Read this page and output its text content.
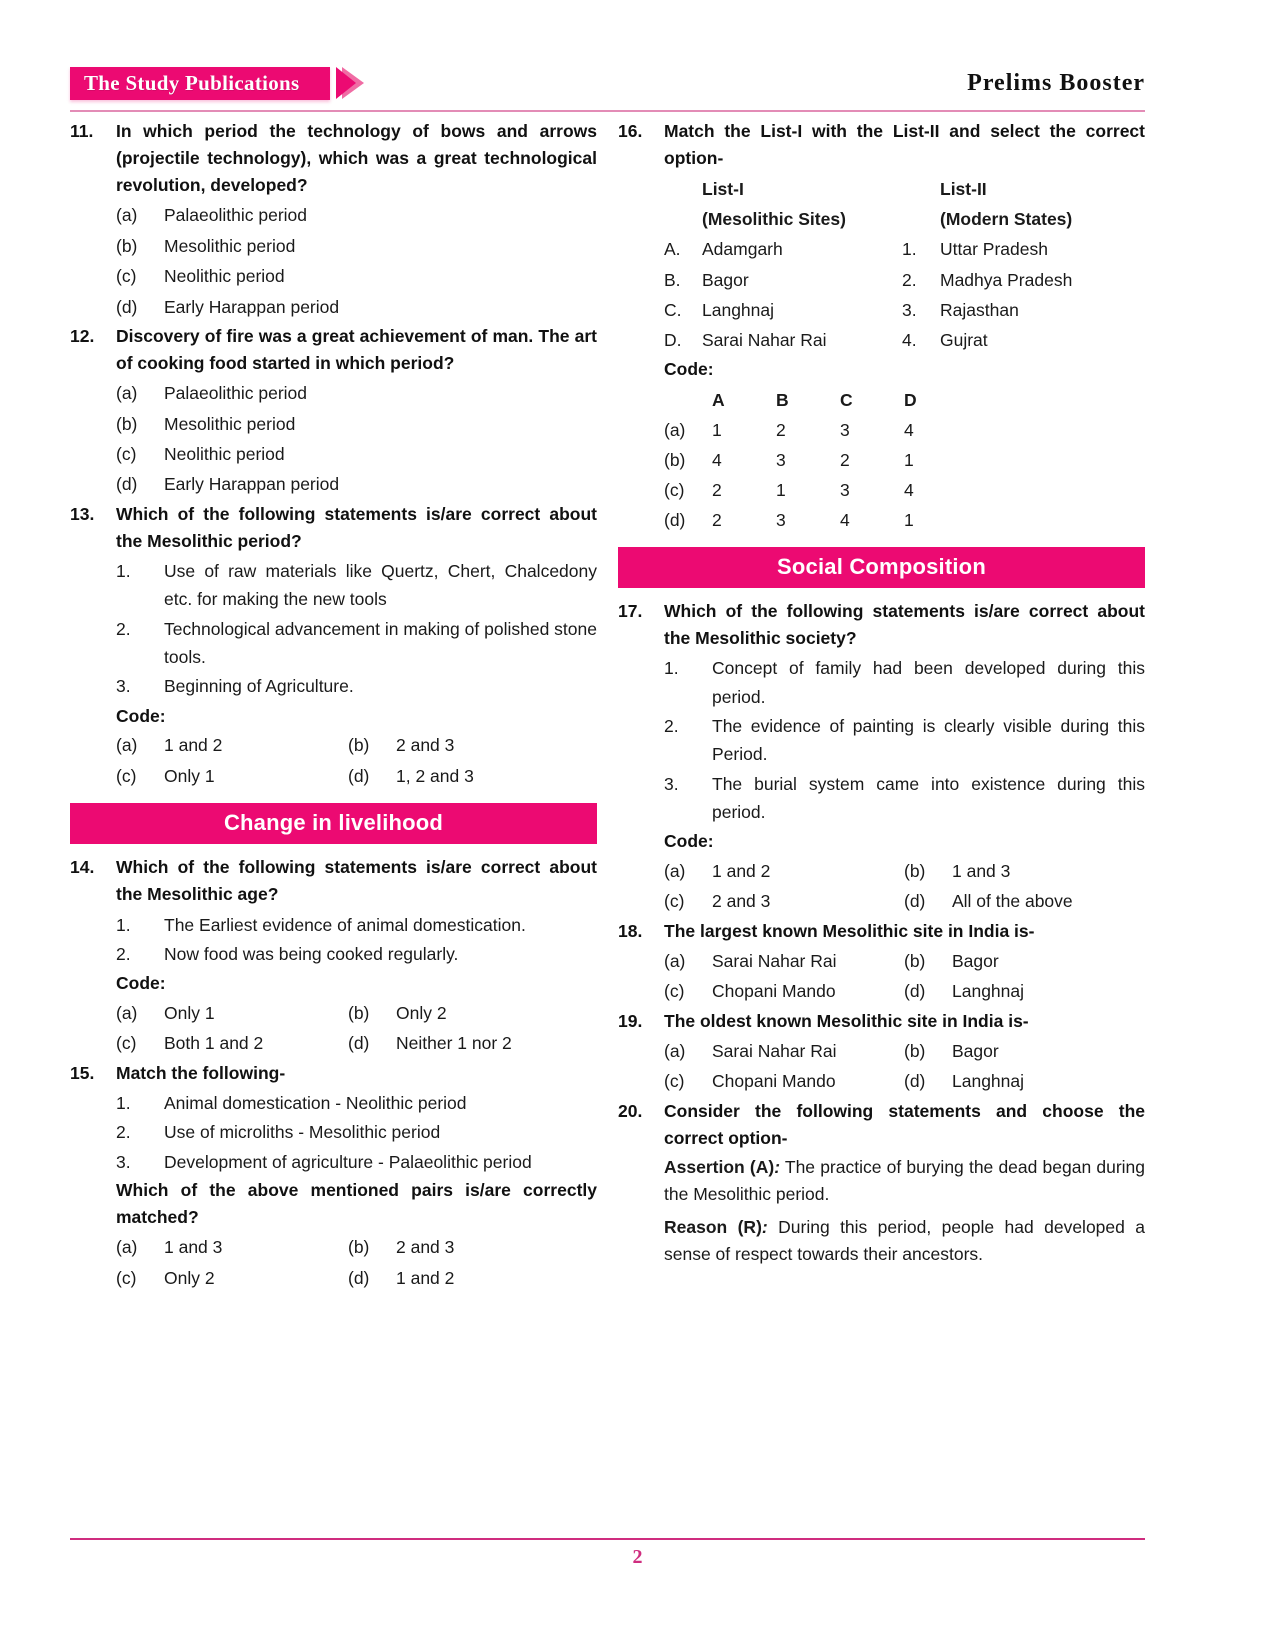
The Study Publications	Prelims Booster
11.	In which period the technology of bows and arrows (projectile technology), which was a great technological revolution, developed?
(a)	Palaeolithic period
(b)	Mesolithic period
(c)	Neolithic period
(d)	Early Harappan period
12.	Discovery of fire was a great achievement of man. The art of cooking food started in which period?
(a)	Palaeolithic period
(b)	Mesolithic period
(c)	Neolithic period
(d)	Early Harappan period
13.	Which of the following statements is/are correct about the Mesolithic period?
1.	Use of raw materials like Quertz, Chert, Chalcedony etc. for making the new tools
2.	Technological advancement in making of polished stone tools.
3.	Beginning of Agriculture.
Code:
(a)	1 and 2	(b)	2 and 3
(c)	Only 1	(d)	1, 2 and 3
Change in livelihood
14.	Which of the following statements is/are correct about the Mesolithic age?
1.	The Earliest evidence of animal domestication.
2.	Now food was being cooked regularly.
Code:
(a)	Only 1	(b)	Only 2
(c)	Both 1 and 2	(d)	Neither 1 nor 2
15.	Match the following-
1.	Animal domestication - Neolithic period
2.	Use of microliths - Mesolithic period
3.	Development of agriculture - Palaeolithic period
Which of the above mentioned pairs is/are correctly matched?
(a)	1 and 3	(b)	2 and 3
(c)	Only 2	(d)	1 and 2
16.	Match the List-I with the List-II and select the correct option-
List-I	List-II
(Mesolithic Sites)	(Modern States)
A.	Adamgarh	1.	Uttar Pradesh
B.	Bagor	2.	Madhya Pradesh
C.	Langhnaj	3.	Rajasthan
D.	Sarai Nahar Rai	4.	Gujrat
Code:
	A	B	C	D
(a)	1	2	3	4
(b)	4	3	2	1
(c)	2	1	3	4
(d)	2	3	4	1
Social Composition
17.	Which of the following statements is/are correct about the Mesolithic society?
1.	Concept of family had been developed during this period.
2.	The evidence of painting is clearly visible during this Period.
3.	The burial system came into existence during this period.
Code:
(a)	1 and 2	(b)	1 and 3
(c)	2 and 3	(d)	All of the above
18.	The largest known Mesolithic site in India is-
(a)	Sarai Nahar Rai	(b)	Bagor
(c)	Chopani Mando	(d)	Langhnaj
19.	The oldest known Mesolithic site in India is-
(a)	Sarai Nahar Rai	(b)	Bagor
(c)	Chopani Mando	(d)	Langhnaj
20.	Consider the following statements and choose the correct option-
Assertion (A): The practice of burying the dead began during the Mesolithic period.
Reason (R): During this period, people had developed a sense of respect towards their ancestors.
2
